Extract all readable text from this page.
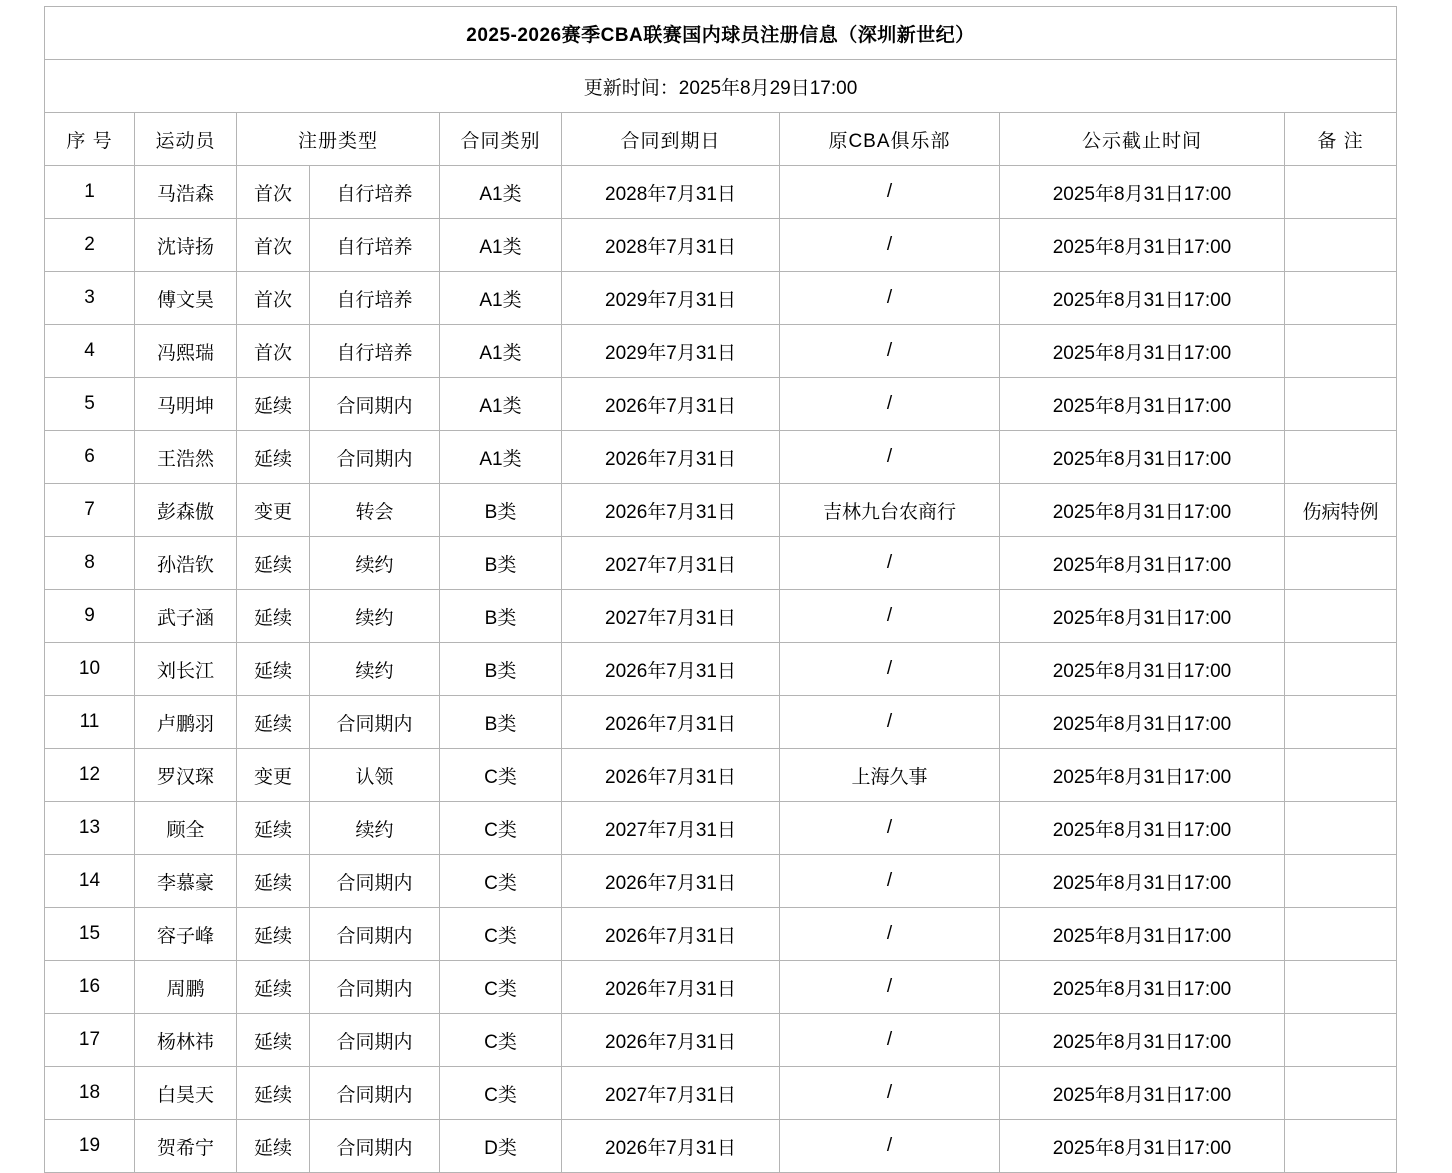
2025-2026赛季CBA联赛国内球员注册信息（深圳新世纪）								
更新时间：2025年8月29日17:00								
序 号	运动员	注册类型		合同类别	合同到期日	原CBA俱乐部	公示截止时间	备 注
1	马浩森	首次	自行培养	A1类	2028年7月31日	/	2025年8月31日17:00	
2	沈诗扬	首次	自行培养	A1类	2028年7月31日	/	2025年8月31日17:00	
3	傅文昊	首次	自行培养	A1类	2029年7月31日	/	2025年8月31日17:00	
4	冯熙瑞	首次	自行培养	A1类	2029年7月31日	/	2025年8月31日17:00	
5	马明坤	延续	合同期内	A1类	2026年7月31日	/	2025年8月31日17:00	
6	王浩然	延续	合同期内	A1类	2026年7月31日	/	2025年8月31日17:00	
7	彭森傲	变更	转会	B类	2026年7月31日	吉林九台农商行	2025年8月31日17:00	伤病特例
8	孙浩钦	延续	续约	B类	2027年7月31日	/	2025年8月31日17:00	
9	武子涵	延续	续约	B类	2027年7月31日	/	2025年8月31日17:00	
10	刘长江	延续	续约	B类	2026年7月31日	/	2025年8月31日17:00	
11	卢鹏羽	延续	合同期内	B类	2026年7月31日	/	2025年8月31日17:00	
12	罗汉琛	变更	认领	C类	2026年7月31日	上海久事	2025年8月31日17:00	
13	顾全	延续	续约	C类	2027年7月31日	/	2025年8月31日17:00	
14	李慕豪	延续	合同期内	C类	2026年7月31日	/	2025年8月31日17:00	
15	容子峰	延续	合同期内	C类	2026年7月31日	/	2025年8月31日17:00	
16	周鹏	延续	合同期内	C类	2026年7月31日	/	2025年8月31日17:00	
17	杨林祎	延续	合同期内	C类	2026年7月31日	/	2025年8月31日17:00	
18	白昊天	延续	合同期内	C类	2027年7月31日	/	2025年8月31日17:00	
19	贺希宁	延续	合同期内	D类	2026年7月31日	/	2025年8月31日17:00	
